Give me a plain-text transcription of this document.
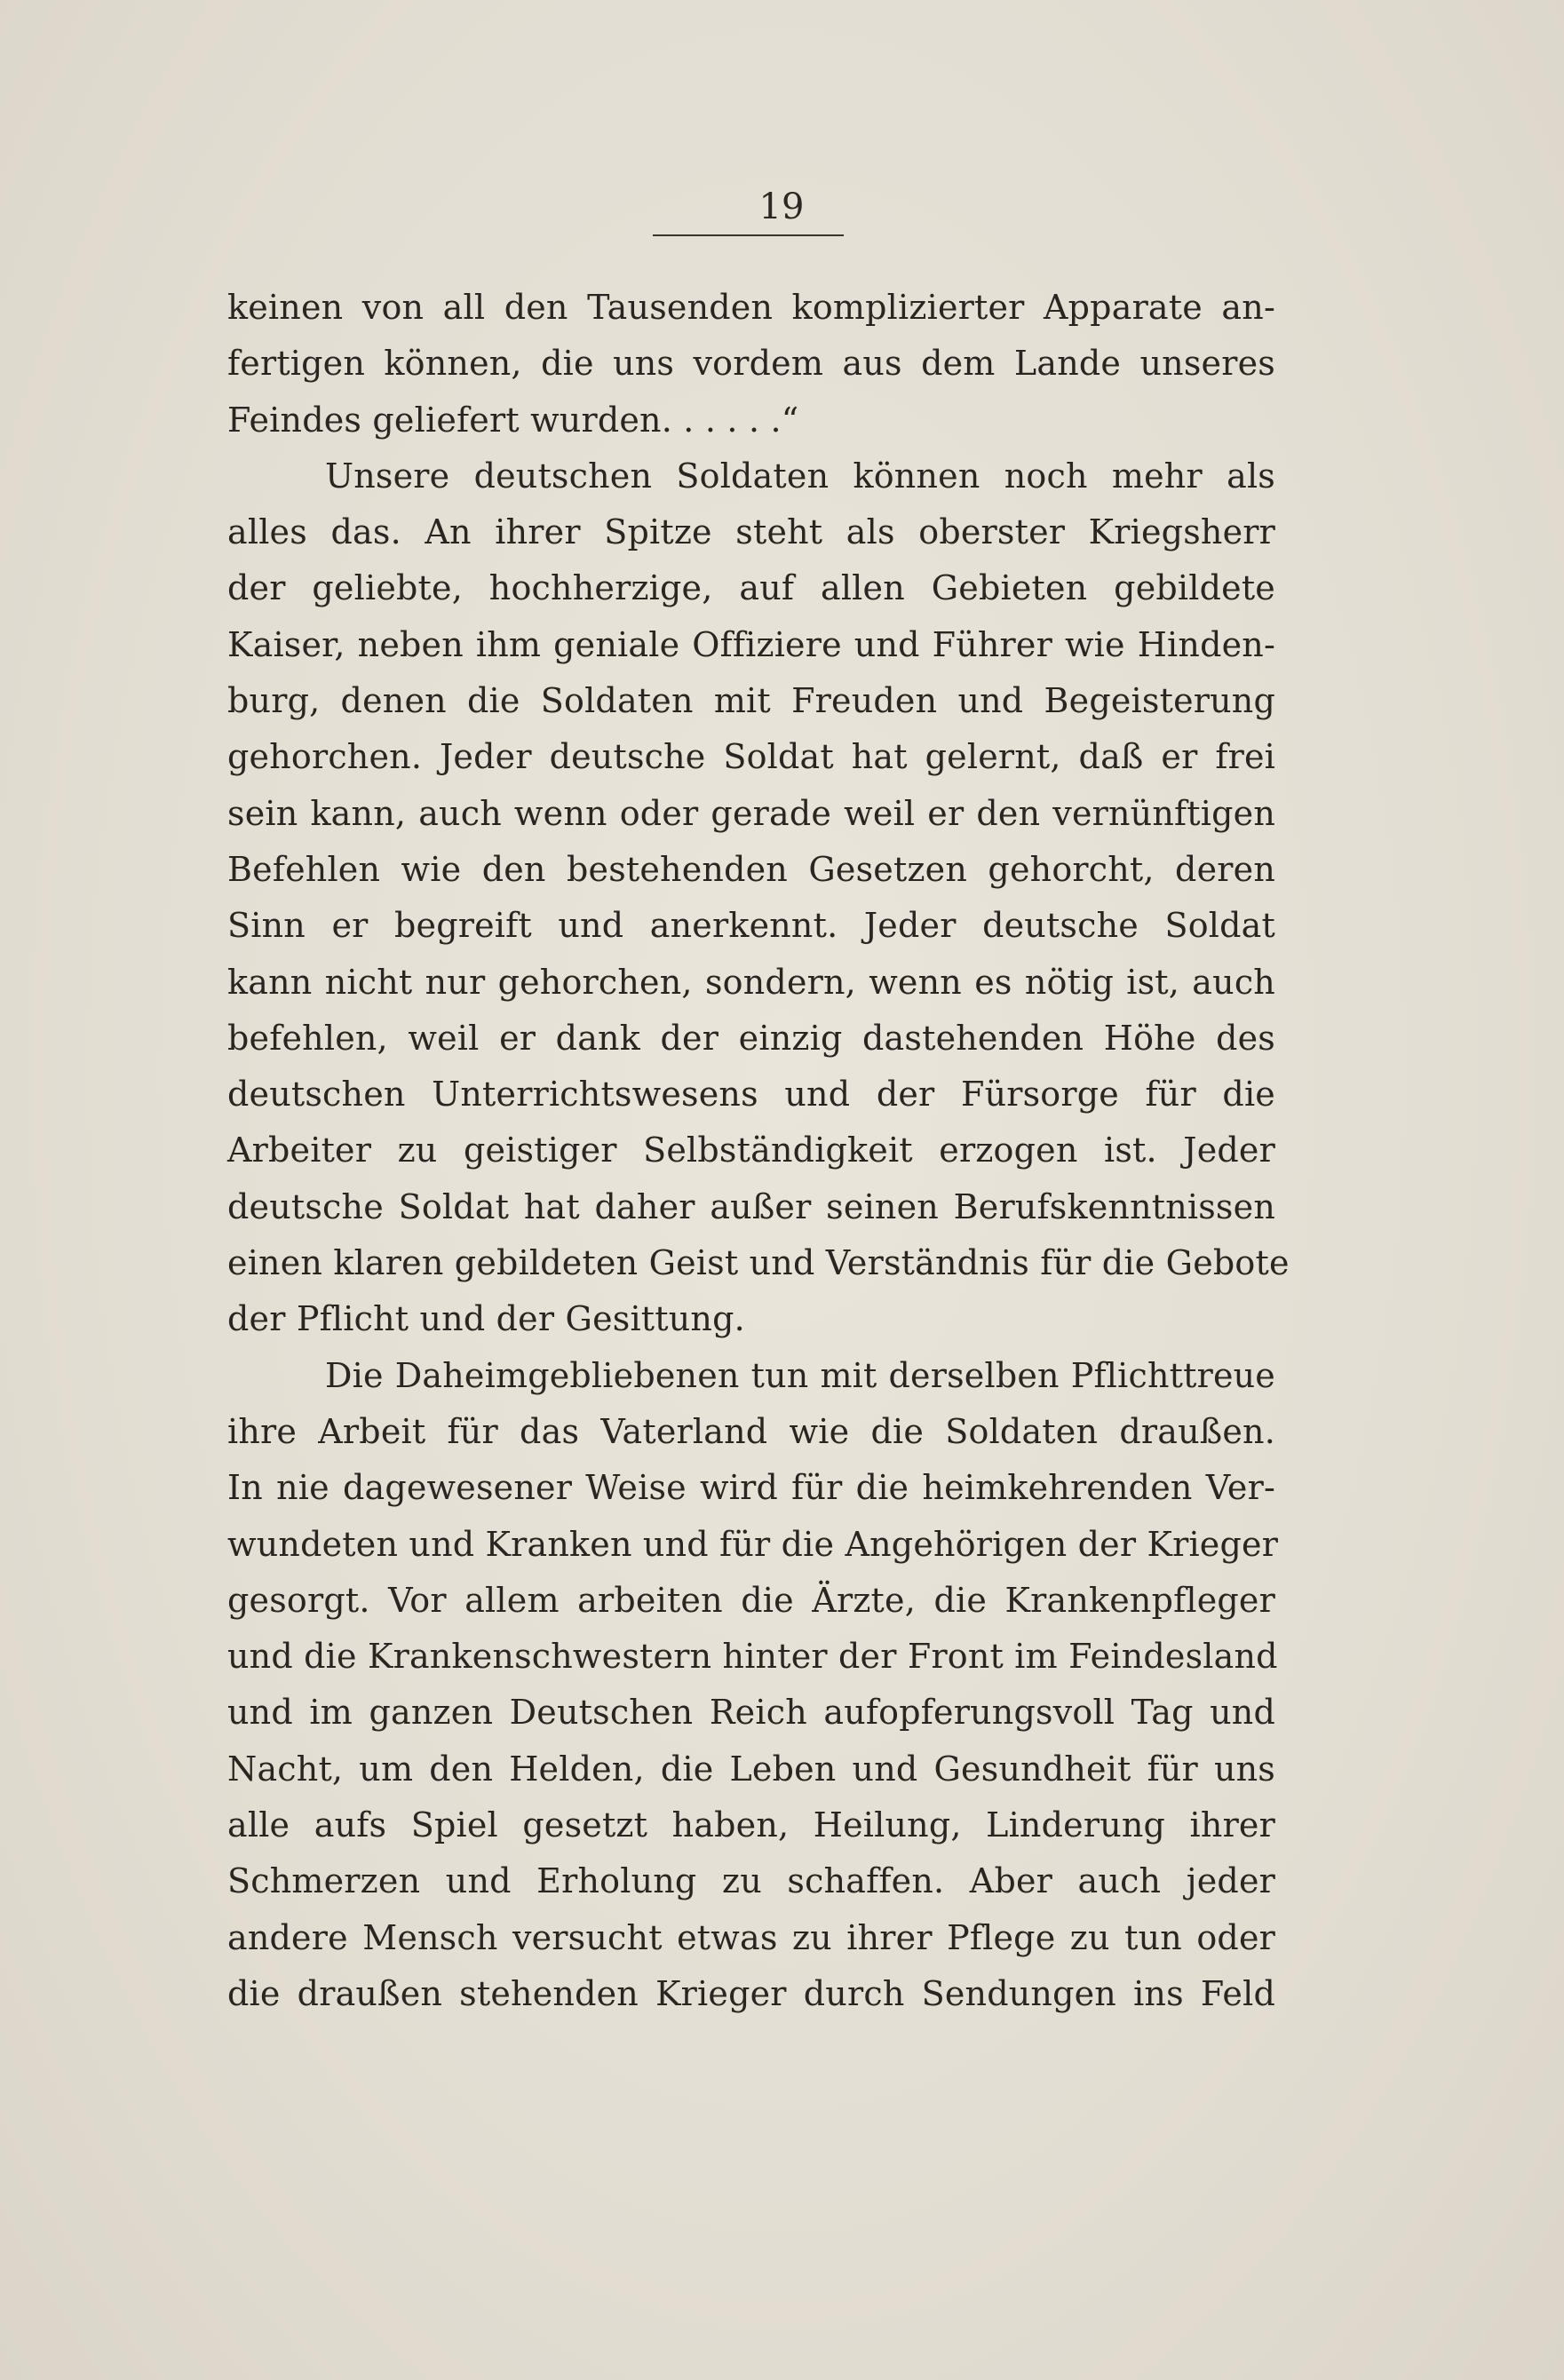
19
keinen von all den Tausenden komplizierter Apparate an-
fertigen können, die uns vordem aus dem Lande unseres
Feindes geliefert wurden. . . . . .“
Unsere deutschen Soldaten können noch mehr als
alles das. An ihrer Spitze steht als oberster Kriegsherr
der geliebte, hochherzige, auf allen Gebieten gebildete
Kaiser, neben ihm geniale Offiziere und Führer wie Hinden-
burg, denen die Soldaten mit Freuden und Begeisterung
gehorchen. Jeder deutsche Soldat hat gelernt, daß er frei
sein kann, auch wenn oder gerade weil er den vernünftigen
Befehlen wie den bestehenden Gesetzen gehorcht, deren
Sinn er begreift und anerkennt. Jeder deutsche Soldat
kann nicht nur gehorchen, sondern, wenn es nötig ist, auch
befehlen, weil er dank der einzig dastehenden Höhe des
deutschen Unterrichtswesens und der Fürsorge für die
Arbeiter zu geistiger Selbständigkeit erzogen ist. Jeder
deutsche Soldat hat daher außer seinen Berufskenntnissen
einen klaren gebildeten Geist und Verständnis für die Gebote
der Pflicht und der Gesittung.
Die Daheimgebliebenen tun mit derselben Pflichttreue
ihre Arbeit für das Vaterland wie die Soldaten draußen.
In nie dagewesener Weise wird für die heimkehrenden Ver-
wundeten und Kranken und für die Angehörigen der Krieger
gesorgt. Vor allem arbeiten die Ärzte, die Krankenpfleger
und die Krankenschwestern hinter der Front im Feindesland
und im ganzen Deutschen Reich aufopferungsvoll Tag und
Nacht, um den Helden, die Leben und Gesundheit für uns
alle aufs Spiel gesetzt haben, Heilung, Linderung ihrer
Schmerzen und Erholung zu schaffen. Aber auch jeder
andere Mensch versucht etwas zu ihrer Pflege zu tun oder
die draußen stehenden Krieger durch Sendungen ins Feld
